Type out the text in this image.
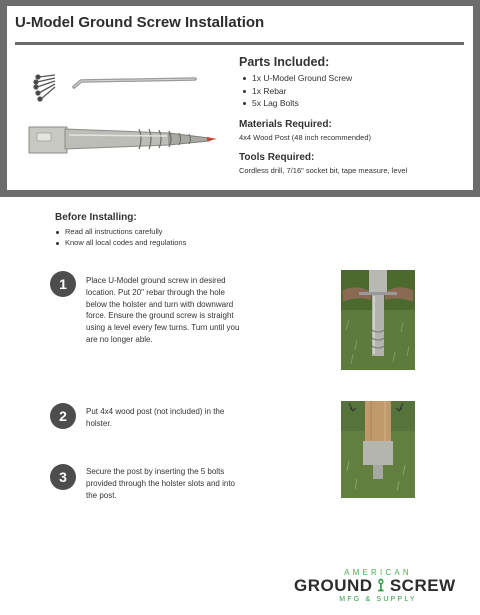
U-Model Ground Screw Installation
Parts Included:
1x U-Model Ground Screw
1x Rebar
5x Lag Bolts
Materials Required:
4x4 Wood Post (48 inch recommended)
Tools Required:
Cordless drill, 7/16" socket bit, tape measure, level
Before Installing:
Read all instructions carefully
Know all local codes and regulations
1	Place U-Model ground screw in desired
location. Put 20" rebar through the hole
below the holster and turn with downward
force. Ensure the ground screw is straight
using a level every few turns. Turn until you
are no longer able.
2	Put 4x4 wood post (not included) in the
holster.
3	Secure the post by inserting the 5 bolts
provided through the holster slots and into
the post.
AMERICAN
GROUND ⟟ SCREW
MFG & SUPPLY
